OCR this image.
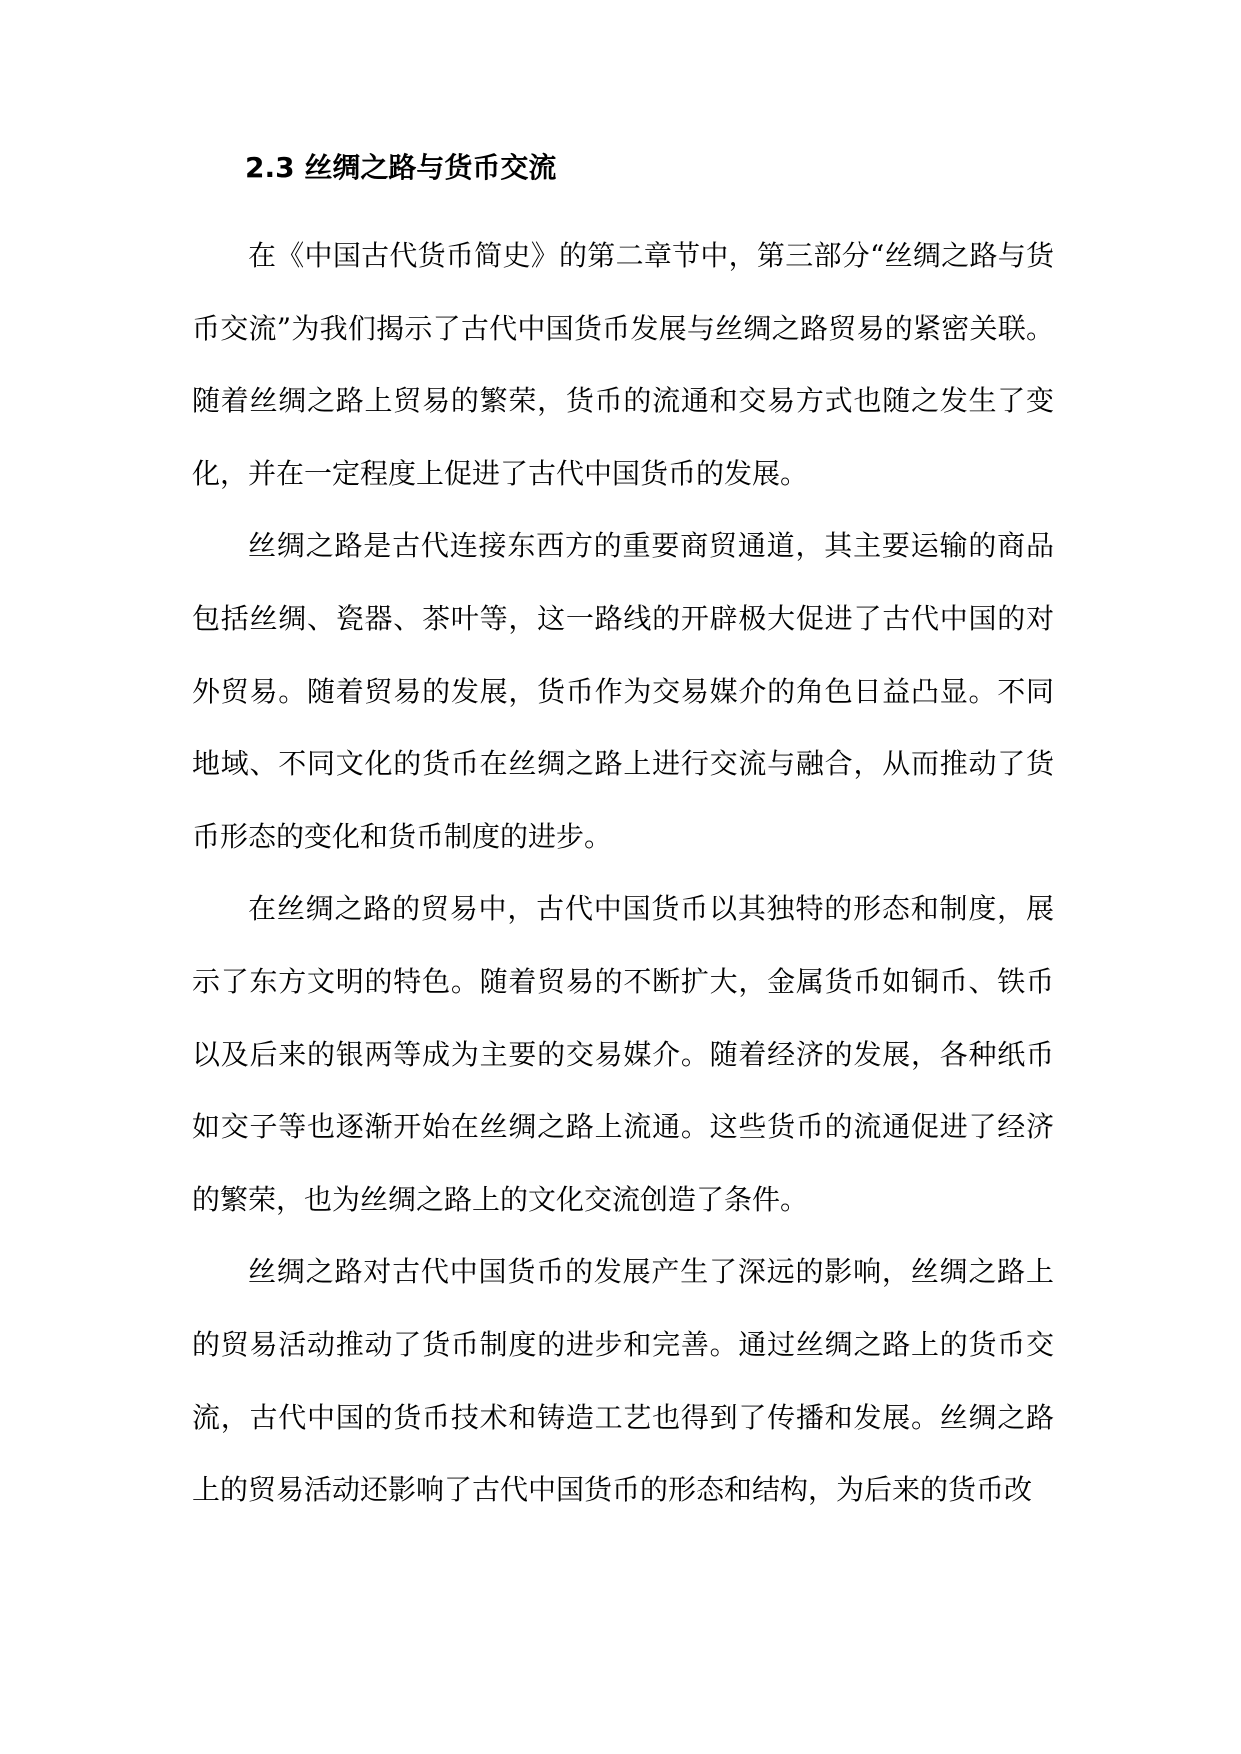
2.3 丝绸之路与货币交流

在《中国古代货币简史》的第二章节中，第三部分“丝绸之路与货币交流”为我们揭示了古代中国货币发展与丝绸之路贸易的紧密关联。随着丝绸之路上贸易的繁荣，货币的流通和交易方式也随之发生了变化，并在一定程度上促进了古代中国货币的发展。

丝绸之路是古代连接东西方的重要商贸通道，其主要运输的商品包括丝绸、瓷器、茶叶等，这一路线的开辟极大促进了古代中国的对外贸易。随着贸易的发展，货币作为交易媒介的角色日益凸显。不同地域、不同文化的货币在丝绸之路上进行交流与融合，从而推动了货币形态的变化和货币制度的进步。

在丝绸之路的贸易中，古代中国货币以其独特的形态和制度，展示了东方文明的特色。随着贸易的不断扩大，金属货币如铜币、铁币以及后来的银两等成为主要的交易媒介。随着经济的发展，各种纸币如交子等也逐渐开始在丝绸之路上流通。这些货币的流通促进了经济的繁荣，也为丝绸之路上的文化交流创造了条件。

丝绸之路对古代中国货币的发展产生了深远的影响，丝绸之路上的贸易活动推动了货币制度的进步和完善。通过丝绸之路上的货币交流，古代中国的货币技术和铸造工艺也得到了传播和发展。丝绸之路上的贸易活动还影响了古代中国货币的形态和结构，为后来的货币改
